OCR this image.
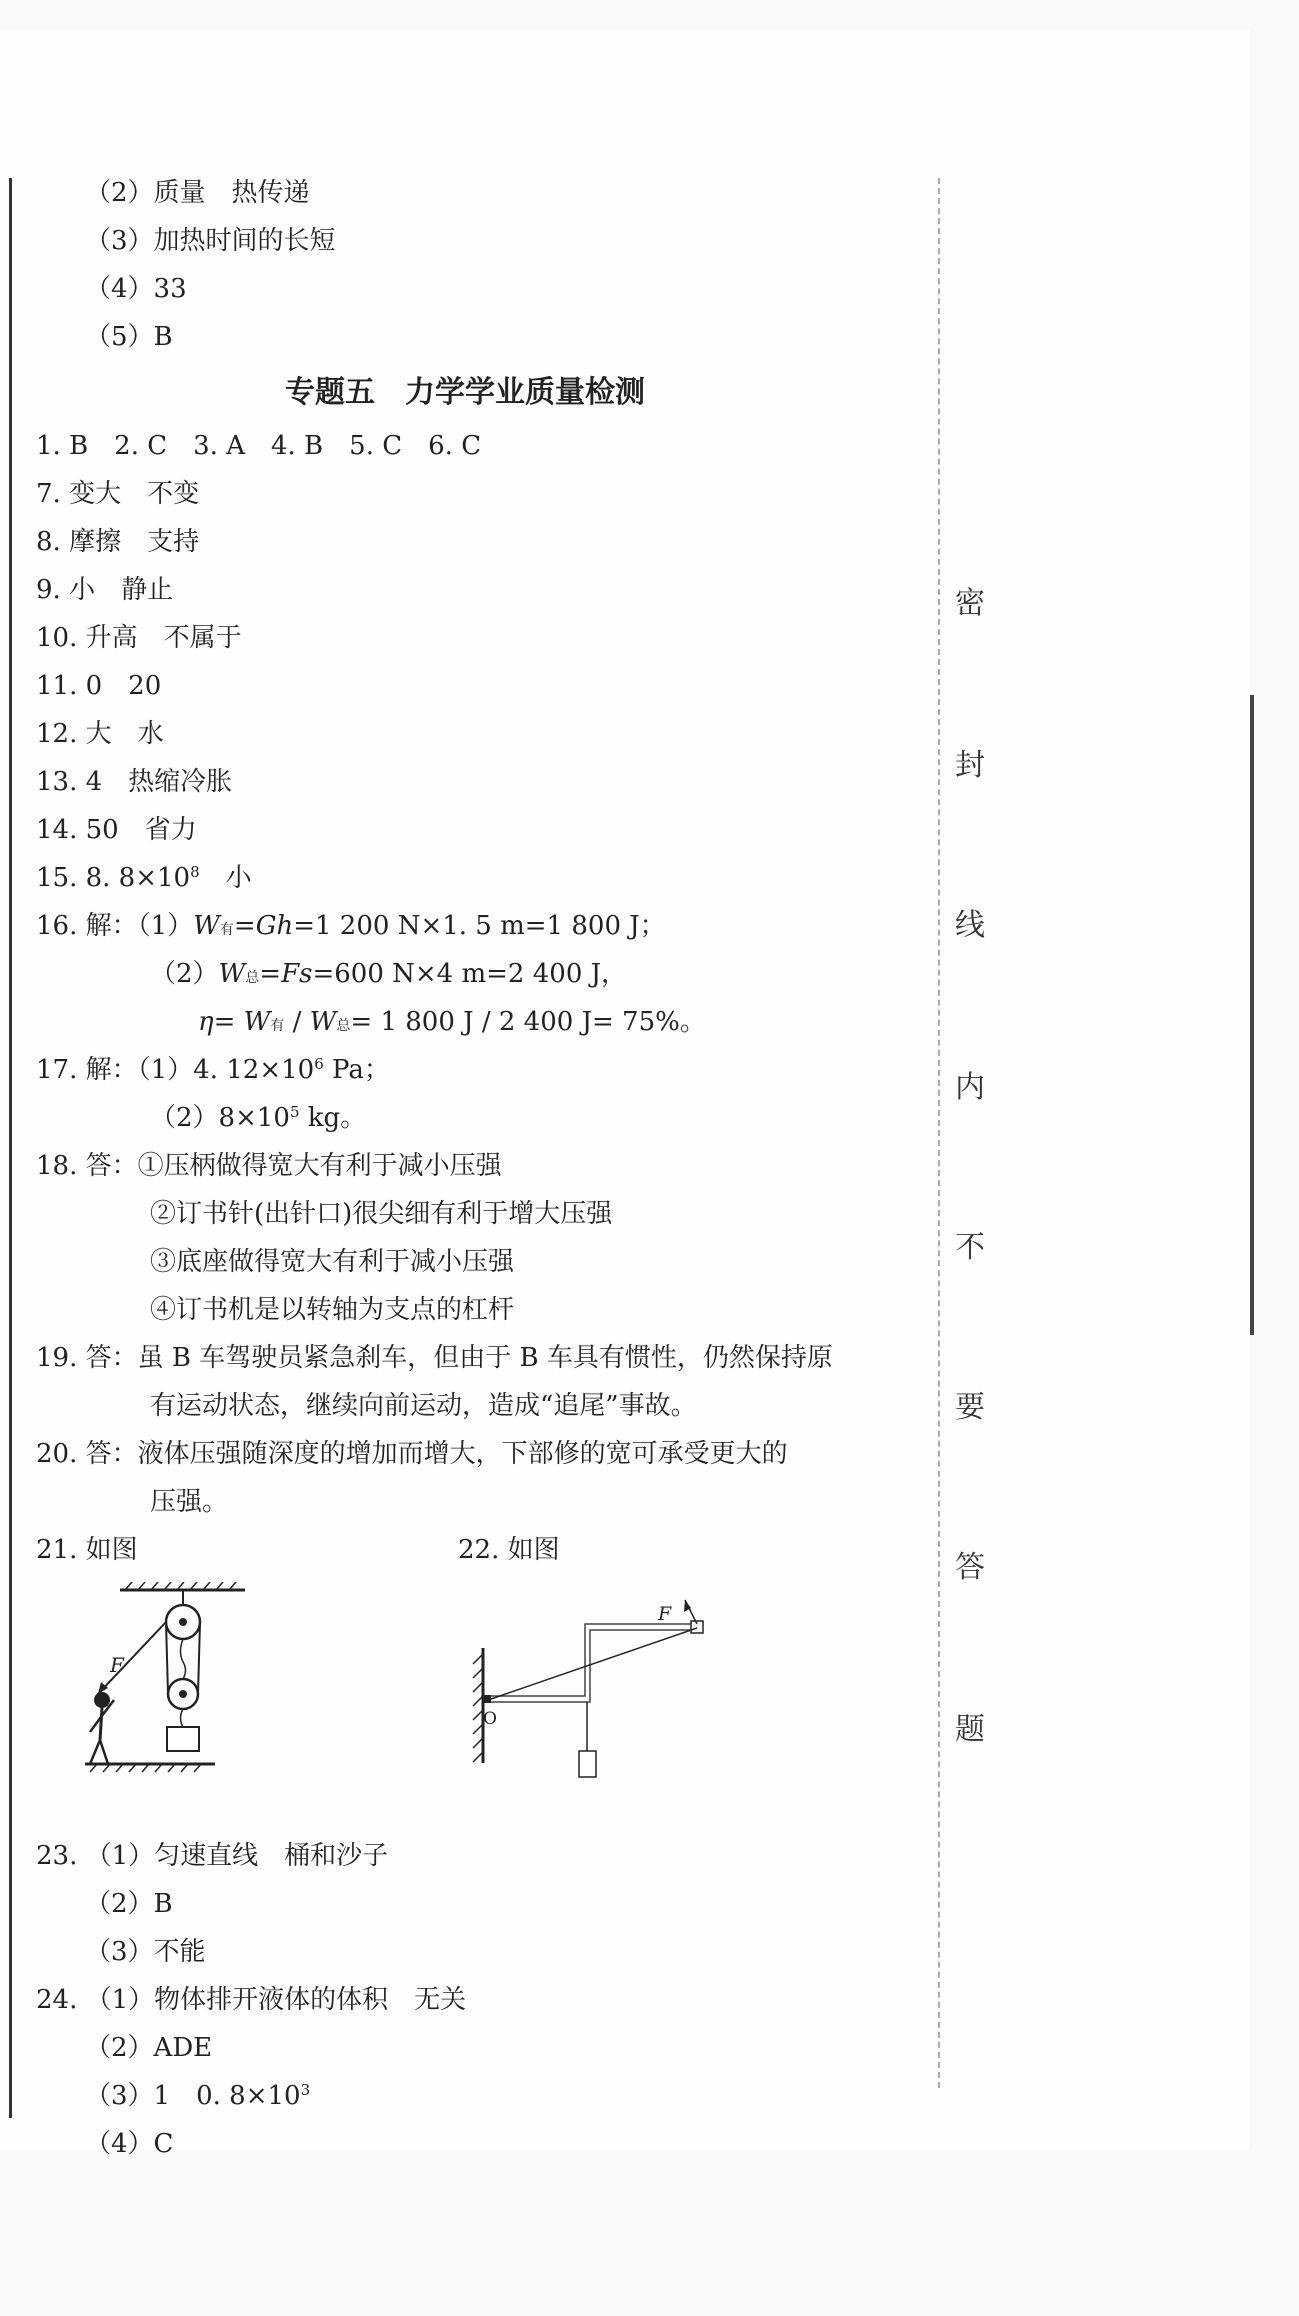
密
封
线
内
不
要
答
题
（2）质量　热传递
（3）加热时间的长短
（4）33
（5）B
专题五　力学学业质量检测
1. B　2. C　3. A　4. B　5. C　6. C
7. 变大　不变
8. 摩擦　支持
9. 小　静止
10. 升高　不属于
11. 0　20
12. 大　水
13. 4　热缩冷胀
14. 50　省力
15. 8. $8\times 10^8$　小
16. 解：$(1)W_有=Gh=1$ 200 N×1. 5 m=1 800 J；
$(2)W_总=Fs=600$ N×4 m=2 400 J，
$\eta= W_有 / W_总= 1$ 800 J / 2 400 J= 75%。
17. 解：（1）4. $12\times 10^6$ Pa；
$(2)8\times 10^5$ kg。
18. 答：①压柄做得宽大有利于减小压强
②订书针(出针口)很尖细有利于增大压强
③底座做得宽大有利于减小压强
④订书机是以转轴为支点的杠杆
19. 答：虽 B 车驾驶员紧急刹车，但由于 B 车具有惯性，仍然保持原
有运动状态，继续向前运动，造成“追尾”事故。
20. 答：液体压强随深度的增加而增大，下部修的宽可承受更大的
压强。
21. 如图	22. 如图
F
F
O
23. （1）匀速直线　桶和沙子
（2）B
（3）不能
24. （1）物体排开液体的体积　无关
（2）ADE
（3）1　0. $8\times 10^3$
（4）C
